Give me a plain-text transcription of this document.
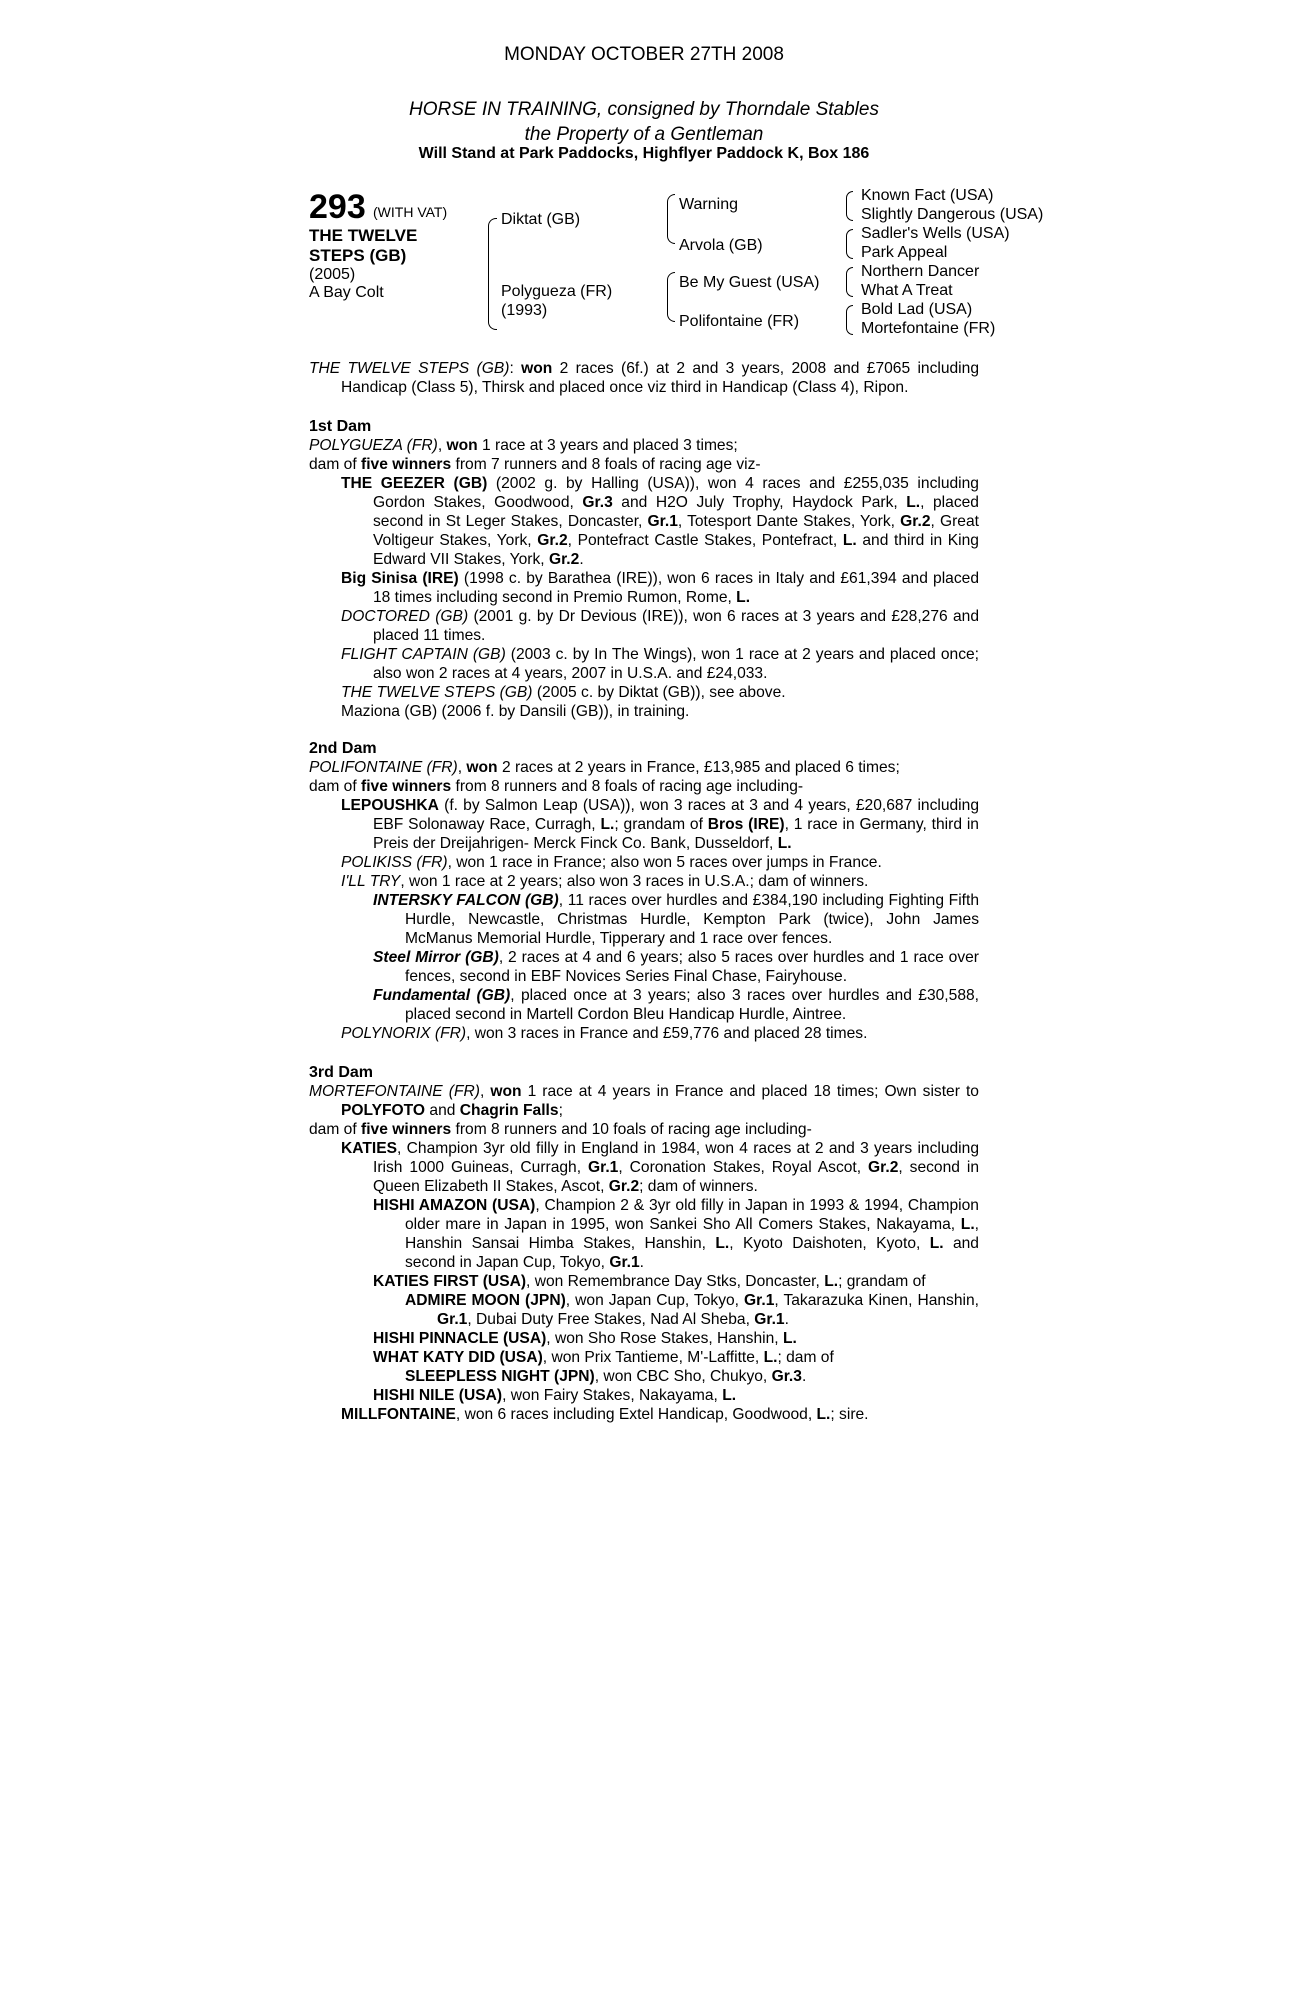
MONDAY OCTOBER 27TH 2008
HORSE IN TRAINING, consigned by Thorndale Stables
the Property of a Gentleman
Will Stand at Park Paddocks, Highflyer Paddock K, Box 186
293 (WITH VAT)
THE TWELVE STEPS (GB)
(2005)
A Bay Colt
Diktat (GB)
Polygueza (FR)
(1993)
Warning
Arvola (GB)
Be My Guest (USA)
Polifontaine (FR)
Known Fact (USA)
Slightly Dangerous (USA)
Sadler's Wells (USA)
Park Appeal
Northern Dancer
What A Treat
Bold Lad (USA)
Mortefontaine (FR)

THE TWELVE STEPS (GB): won 2 races (6f.) at 2 and 3 years, 2008 and £7065 including Handicap (Class 5), Thirsk and placed once viz third in Handicap (Class 4), Ripon.

1st Dam

POLYGUEZA (FR), won 1 race at 3 years and placed 3 times;

dam of five winners from 7 runners and 8 foals of racing age viz-

THE GEEZER (GB) (2002 g. by Halling (USA)), won 4 races and £255,035 including Gordon Stakes, Goodwood, Gr.3 and H2O July Trophy, Haydock Park, L., placed second in St Leger Stakes, Doncaster, Gr.1, Totesport Dante Stakes, York, Gr.2, Great Voltigeur Stakes, York, Gr.2, Pontefract Castle Stakes, Pontefract, L. and third in King Edward VII Stakes, York, Gr.2.

Big Sinisa (IRE) (1998 c. by Barathea (IRE)), won 6 races in Italy and £61,394 and placed 18 times including second in Premio Rumon, Rome, L.

DOCTORED (GB) (2001 g. by Dr Devious (IRE)), won 6 races at 3 years and £28,276 and placed 11 times.

FLIGHT CAPTAIN (GB) (2003 c. by In The Wings), won 1 race at 2 years and placed once; also won 2 races at 4 years, 2007 in U.S.A. and £24,033.

THE TWELVE STEPS (GB) (2005 c. by Diktat (GB)), see above.

Maziona (GB) (2006 f. by Dansili (GB)), in training.

2nd Dam

POLIFONTAINE (FR), won 2 races at 2 years in France, £13,985 and placed 6 times;

dam of five winners from 8 runners and 8 foals of racing age including-

LEPOUSHKA (f. by Salmon Leap (USA)), won 3 races at 3 and 4 years, £20,687 including EBF Solonaway Race, Curragh, L.; grandam of Bros (IRE), 1 race in Germany, third in Preis der Dreijahrigen- Merck Finck Co. Bank, Dusseldorf, L.

POLIKISS (FR), won 1 race in France; also won 5 races over jumps in France.

I'LL TRY, won 1 race at 2 years; also won 3 races in U.S.A.; dam of winners.

INTERSKY FALCON (GB), 11 races over hurdles and £384,190 including Fighting Fifth Hurdle, Newcastle, Christmas Hurdle, Kempton Park (twice), John James McManus Memorial Hurdle, Tipperary and 1 race over fences.

Steel Mirror (GB), 2 races at 4 and 6 years; also 5 races over hurdles and 1 race over fences, second in EBF Novices Series Final Chase, Fairyhouse.

Fundamental (GB), placed once at 3 years; also 3 races over hurdles and £30,588, placed second in Martell Cordon Bleu Handicap Hurdle, Aintree.

POLYNORIX (FR), won 3 races in France and £59,776 and placed 28 times.

3rd Dam

MORTEFONTAINE (FR), won 1 race at 4 years in France and placed 18 times; Own sister to POLYFOTO and Chagrin Falls;

dam of five winners from 8 runners and 10 foals of racing age including-

KATIES, Champion 3yr old filly in England in 1984, won 4 races at 2 and 3 years including Irish 1000 Guineas, Curragh, Gr.1, Coronation Stakes, Royal Ascot, Gr.2, second in Queen Elizabeth II Stakes, Ascot, Gr.2; dam of winners.

HISHI AMAZON (USA), Champion 2 & 3yr old filly in Japan in 1993 & 1994, Champion older mare in Japan in 1995, won Sankei Sho All Comers Stakes, Nakayama, L., Hanshin Sansai Himba Stakes, Hanshin, L., Kyoto Daishoten, Kyoto, L. and second in Japan Cup, Tokyo, Gr.1.

KATIES FIRST (USA), won Remembrance Day Stks, Doncaster, L.; grandam of

ADMIRE MOON (JPN), won Japan Cup, Tokyo, Gr.1, Takarazuka Kinen, Hanshin, Gr.1, Dubai Duty Free Stakes, Nad Al Sheba, Gr.1.

HISHI PINNACLE (USA), won Sho Rose Stakes, Hanshin, L.

WHAT KATY DID (USA), won Prix Tantieme, M'-Laffitte, L.; dam of

SLEEPLESS NIGHT (JPN), won CBC Sho, Chukyo, Gr.3.

HISHI NILE (USA), won Fairy Stakes, Nakayama, L.

MILLFONTAINE, won 6 races including Extel Handicap, Goodwood, L.; sire.
